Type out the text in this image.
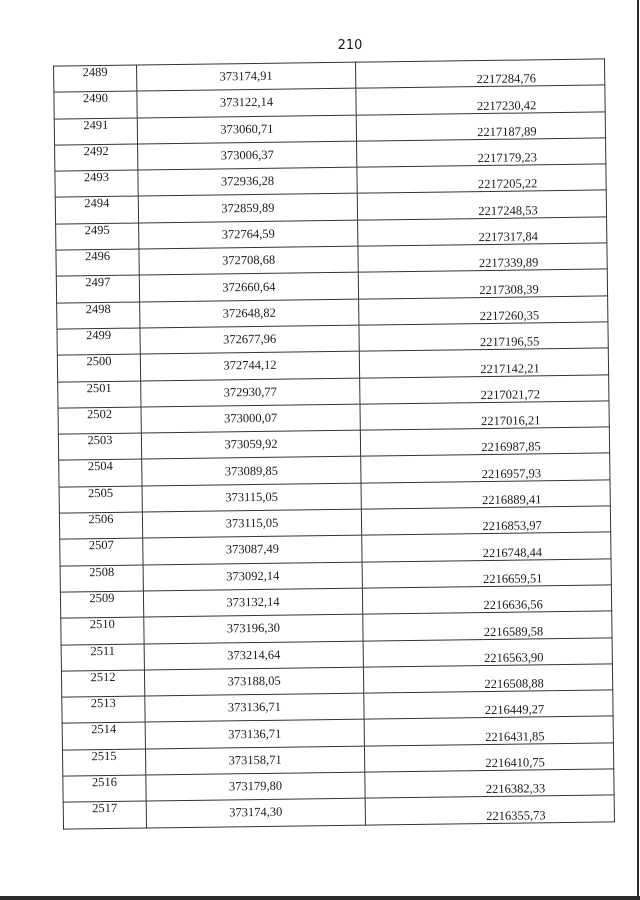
210
2489	373174,91	2217284,76
2490	373122,14	2217230,42
2491	373060,71	2217187,89
2492	373006,37	2217179,23
2493	372936,28	2217205,22
2494	372859,89	2217248,53
2495	372764,59	2217317,84
2496	372708,68	2217339,89
2497	372660,64	2217308,39
2498	372648,82	2217260,35
2499	372677,96	2217196,55
2500	372744,12	2217142,21
2501	372930,77	2217021,72
2502	373000,07	2217016,21
2503	373059,92	2216987,85
2504	373089,85	2216957,93
2505	373115,05	2216889,41
2506	373115,05	2216853,97
2507	373087,49	2216748,44
2508	373092,14	2216659,51
2509	373132,14	2216636,56
2510	373196,30	2216589,58
2511	373214,64	2216563,90
2512	373188,05	2216508,88
2513	373136,71	2216449,27
2514	373136,71	2216431,85
2515	373158,71	2216410,75
2516	373179,80	2216382,33
2517	373174,30	2216355,73
